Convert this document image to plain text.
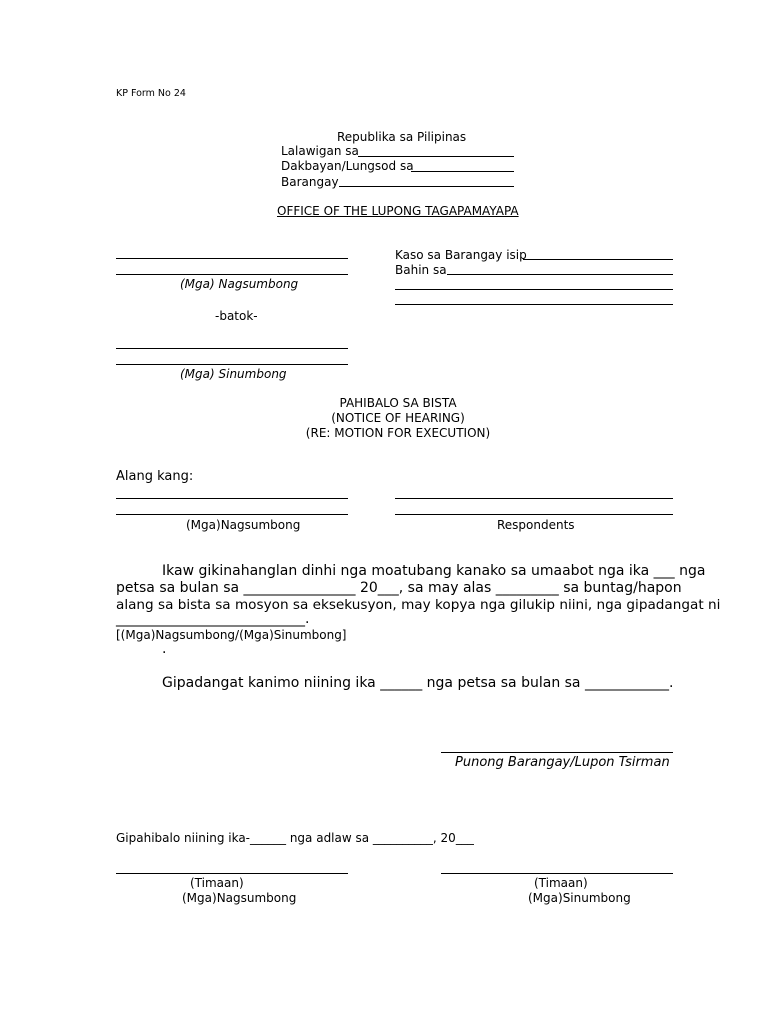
KP Form No 24
Republika sa Pilipinas
Lalawigan sa
Dakbayan/Lungsod sa
Barangay
OFFICE OF THE LUPONG TAGAPAMAYAPA
(Mga) Nagsumbong
Kaso sa Barangay isip
Bahin sa
-batok-
(Mga) Sinumbong
PAHIBALO SA BISTA
(NOTICE OF HEARING)
(RE: MOTION FOR EXECUTION)
Alang kang:
(Mga)Nagsumbong	Respondents
Ikaw gikinahanglan dinhi nga moatubang kanako sa umaabot nga ika ___ nga
petsa sa bulan sa ________________ 20___, sa may alas _________ sa buntag/hapon
alang sa bista sa mosyon sa eksekusyon, may kopya nga gilukip niini, nga gipadangat ni
___________________________.
[(Mga)Nagsumbong/(Mga)Sinumbong]
.
Gipadangat kanimo niining ika ______ nga petsa sa bulan sa ____________.
Punong Barangay/Lupon Tsirman
Gipahibalo niining ika-______ nga adlaw sa __________, 20___
(Timaan)
(Mga)Nagsumbong
(Timaan)
(Mga)Sinumbong
